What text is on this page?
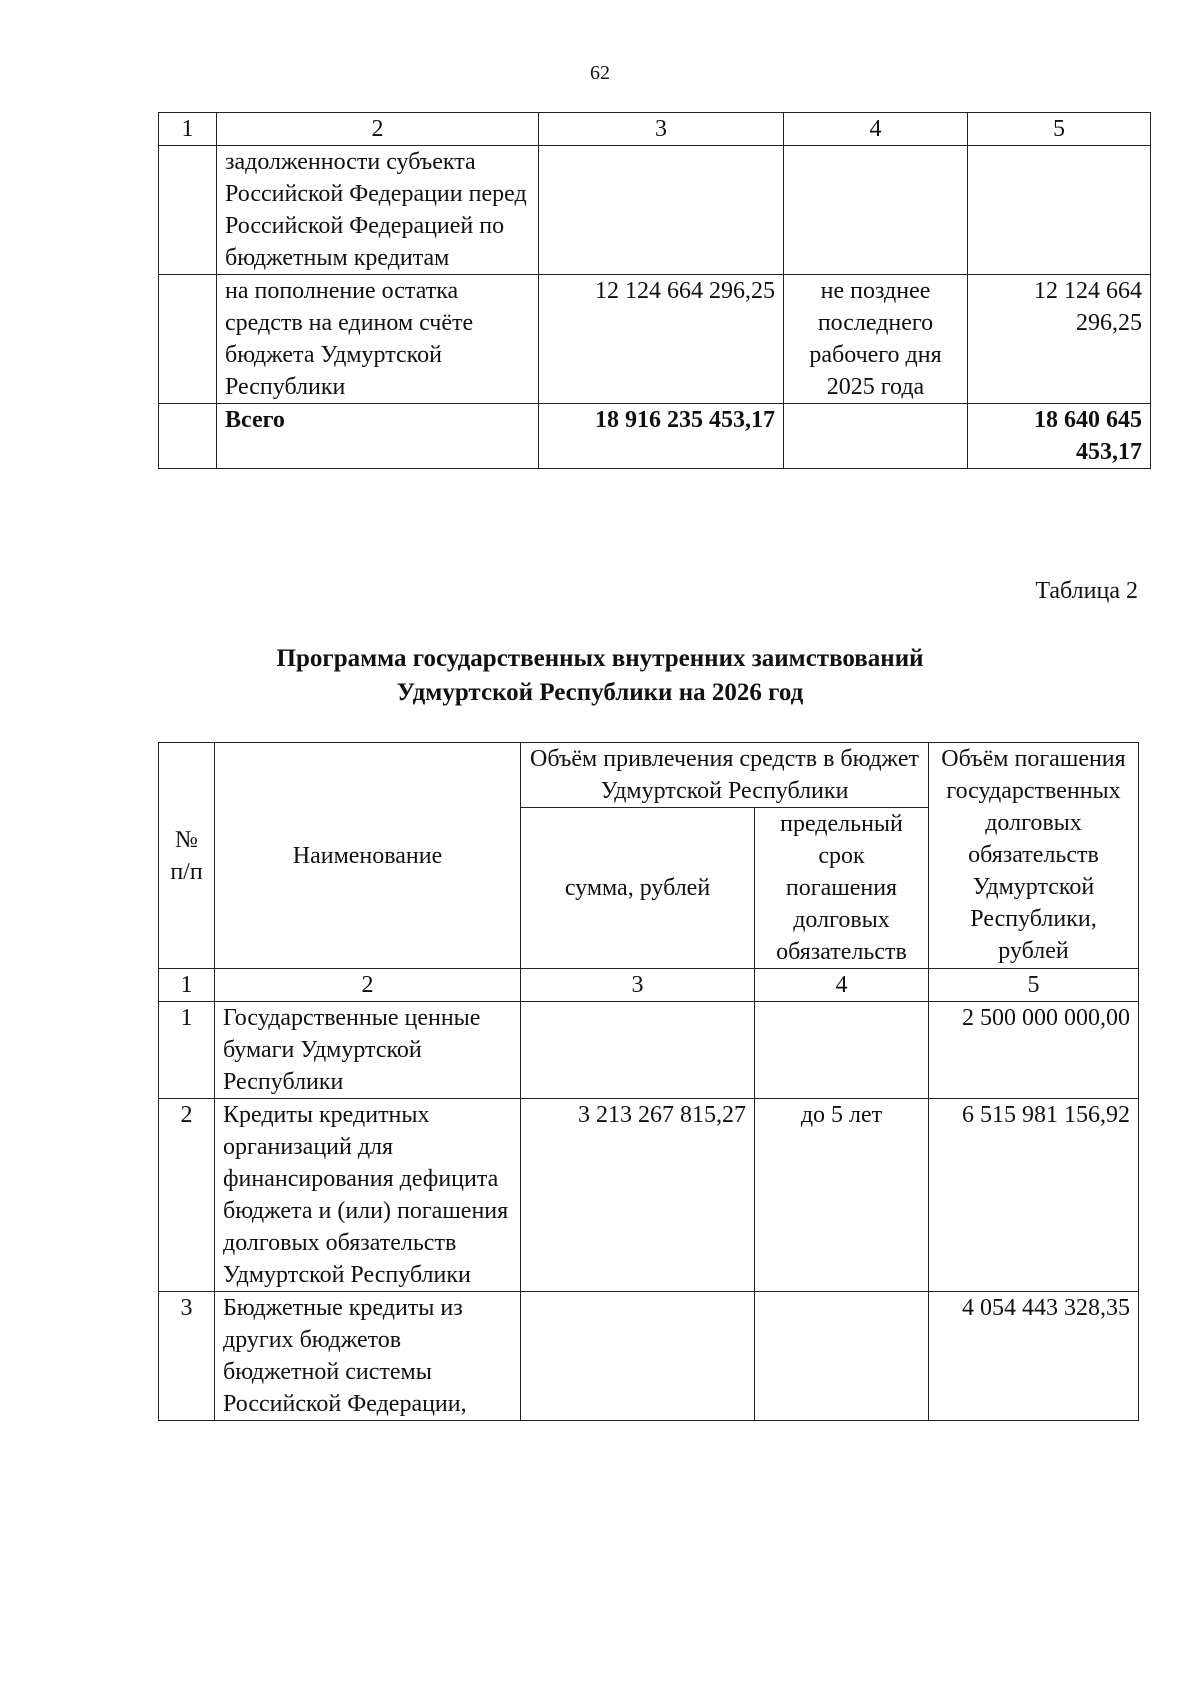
62
1	2	3	4	5
	задолженности субъекта Российской Федерации перед Российской Федерацией по бюджетным кредитам			
	на пополнение остатка средств на едином счёте бюджета Удмуртской Республики	12 124 664 296,25	не позднее последнего рабочего дня 2025 года	12 124 664 296,25
	Всего	18 916 235 453,17		18 640 645 453,17
Таблица 2
Программа государственных внутренних заимствований
Удмуртской Республики на 2026 год
№ п/п	Наименование	Объём привлечения средств в бюджет Удмуртской Республики		Объём погашения государственных долговых обязательств Удмуртской Республики, рублей
		сумма, рублей	предельный срок погашения долговых обязательств	
1	2	3	4	5
1	Государственные ценные бумаги Удмуртской Республики			2 500 000 000,00
2	Кредиты кредитных организаций для финансирования дефицита бюджета и (или) погашения долговых обязательств Удмуртской Республики	3 213 267 815,27	до 5 лет	6 515 981 156,92
3	Бюджетные кредиты из других бюджетов бюджетной системы Российской Федерации,			4 054 443 328,35
